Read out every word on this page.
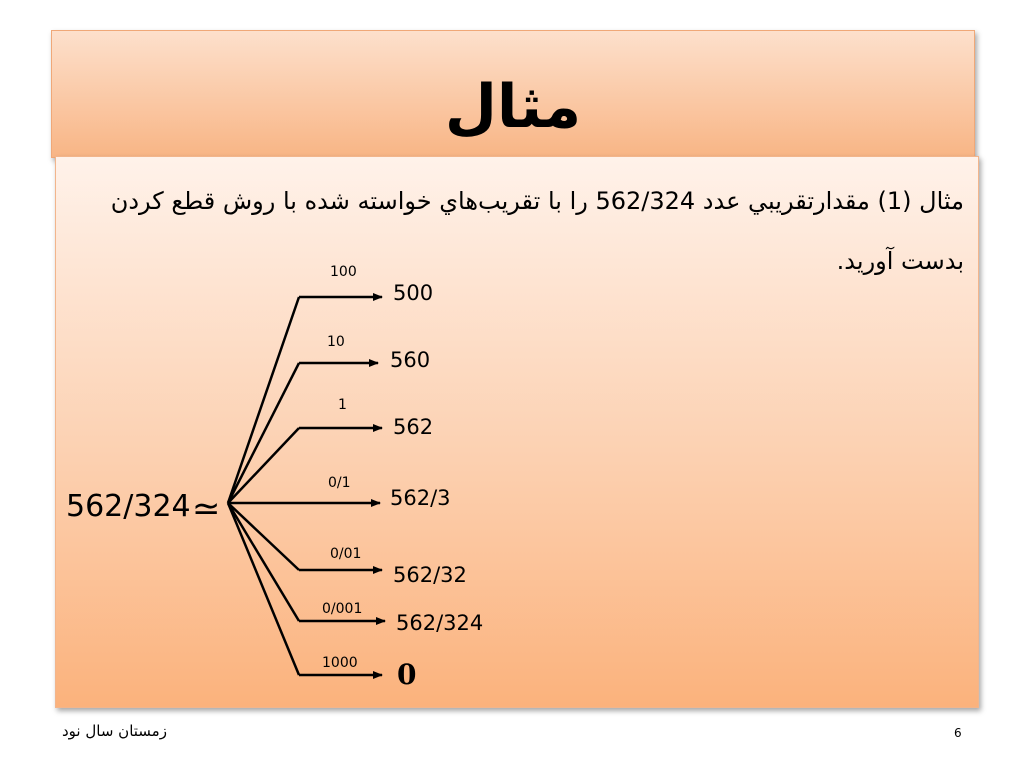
مثال
مثال (1) مقدارتقريبي عدد 562/324 را با تقريب‌هاي خواسته شده با روش قطع كردن بدست آوريد.
562/324 ≃
100
500
10
560
1
562
0/1
562/3
0/01
562/32
0/001
562/324
1000 0
زمستان سال نود	6
